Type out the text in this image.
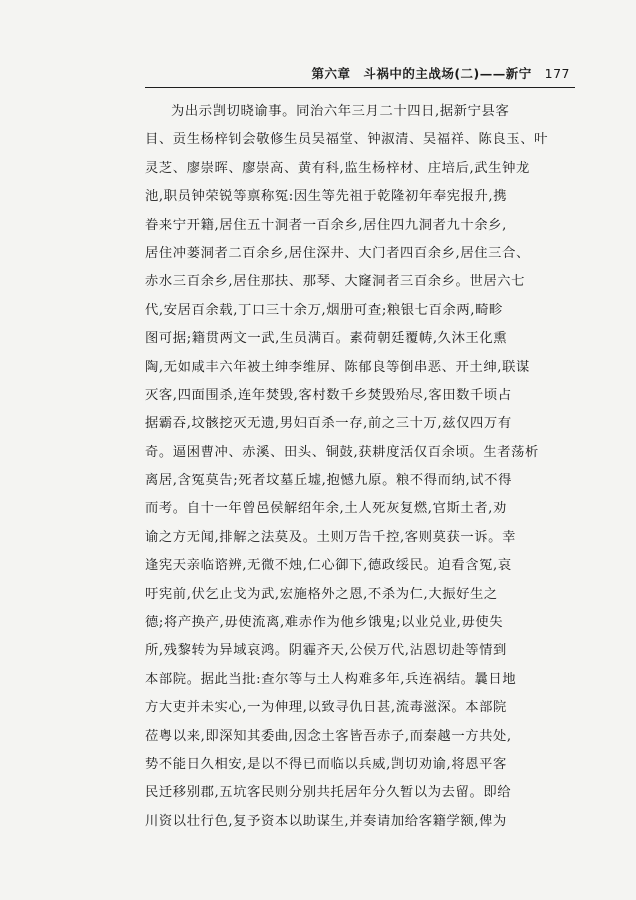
第六章 斗祸中的主战场(二)——新宁 177
为出示剀切晓谕事。同治六年三月二十四日,据新宁县客
目、贡生杨梓钊会敬修生员吴福堂、钟淑清、吴福祥、陈良玉、叶
灵芝、廖崇晖、廖崇高、黄有科,监生杨梓材、庄培后,武生钟龙
池,职员钟荣锐等禀称冤:因生等先祖于乾隆初年奉宪报升,携
眷来宁开籍,居住五十洞者一百余乡,居住四九洞者九十余乡,
居住冲蒌洞者二百余乡,居住深井、大门者四百余乡,居住三合、
赤水三百余乡,居住那扶、那琴、大窿洞者三百余乡。世居六七
代,安居百余载,丁口三十余万,烟册可查;粮银七百余两,畸畛
图可据;籍贯两文一武,生员满百。素荷朝廷覆帱,久沐王化熏
陶,无如咸丰六年被土绅李维屏、陈郁良等倒串恶、开土绅,联谋
灭客,四面围杀,连年焚毁,客村数千乡焚毁殆尽,客田数千顷占
据霸吞,坟骸挖灭无遗,男妇百杀一存,前之三十万,兹仅四万有
奇。逼困曹冲、赤溪、田头、铜鼓,获耕度活仅百余顷。生者荡析
离居,含冤莫告;死者坟墓丘墟,抱憾九原。粮不得而纳,试不得
而考。自十一年曾邑侯解绍年余,土人死灰复燃,官斯土者,劝
谕之方无闻,排解之法莫及。土则万告千控,客则莫获一诉。幸
逢宪天亲临谘辨,无微不烛,仁心御下,德政绥民。迫看含冤,哀
吁宪前,伏乞止戈为武,宏施格外之恩,不杀为仁,大振好生之
德;将产换产,毋使流离,难赤作为他乡饿鬼;以业兑业,毋使失
所,残黎转为异域哀鸿。阴霾齐天,公侯万代,沾恩切赴等情到
本部院。据此当批:查尔等与土人构难多年,兵连祸结。曩日地
方大吏并未实心,一为伸理,以致寻仇日甚,流毒滋深。本部院
莅粤以来,即深知其委曲,因念土客皆吾赤子,而秦越一方共处,
势不能日久相安,是以不得已而临以兵威,剀切劝谕,将恩平客
民迁移别郡,五坑客民则分别共托居年分久暂以为去留。即给
川资以壮行色,复予资本以助谋生,并奏请加给客籍学额,俾为
